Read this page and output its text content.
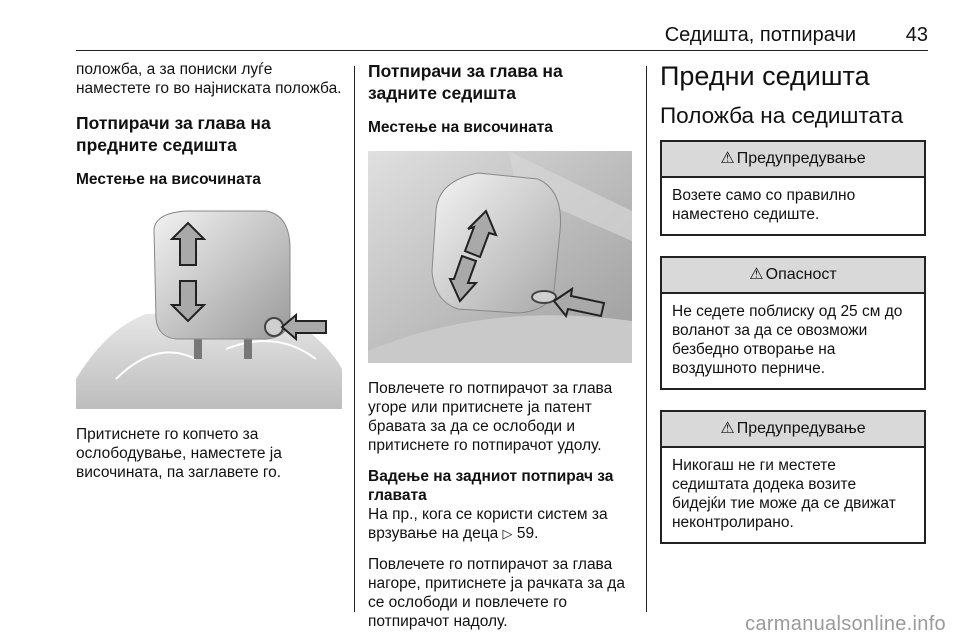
Седишта, потпирачи 43

положба, а за пониски луѓе наместете го во најниската положба.

Потпирачи за глава на предните седишта

Местење на височината

Притиснете го копчето за ослободување, наместете ја височината, па заглавете го.

Потпирачи за глава на задните седишта

Местење на височината

Повлечете го потпирачот за глава угоре или притиснете ја патент бравата за да се ослободи и притиснете го потпирачот удолу.

Вадење на задниот потпирач за главата

На пр., кога се користи систем за врзување на деца ▷ 59.

Повлечете го потпирачот за глава нагоре, притиснете ја рачката за да се ослободи и повлечете го потпирачот надолу.

Предни седишта

Положба на седиштата

⚠ Предупредување

Возете само со правилно наместено седиште.

⚠ Опасност

Не седете поблиску од 25 см до воланот за да се овозможи безбедно отворање на воздушното перниче.

⚠ Предупредување

Никогаш не ги местете седиштата додека возите бидејќи тие може да се движат неконтролирано.

carmanualsonline.info
